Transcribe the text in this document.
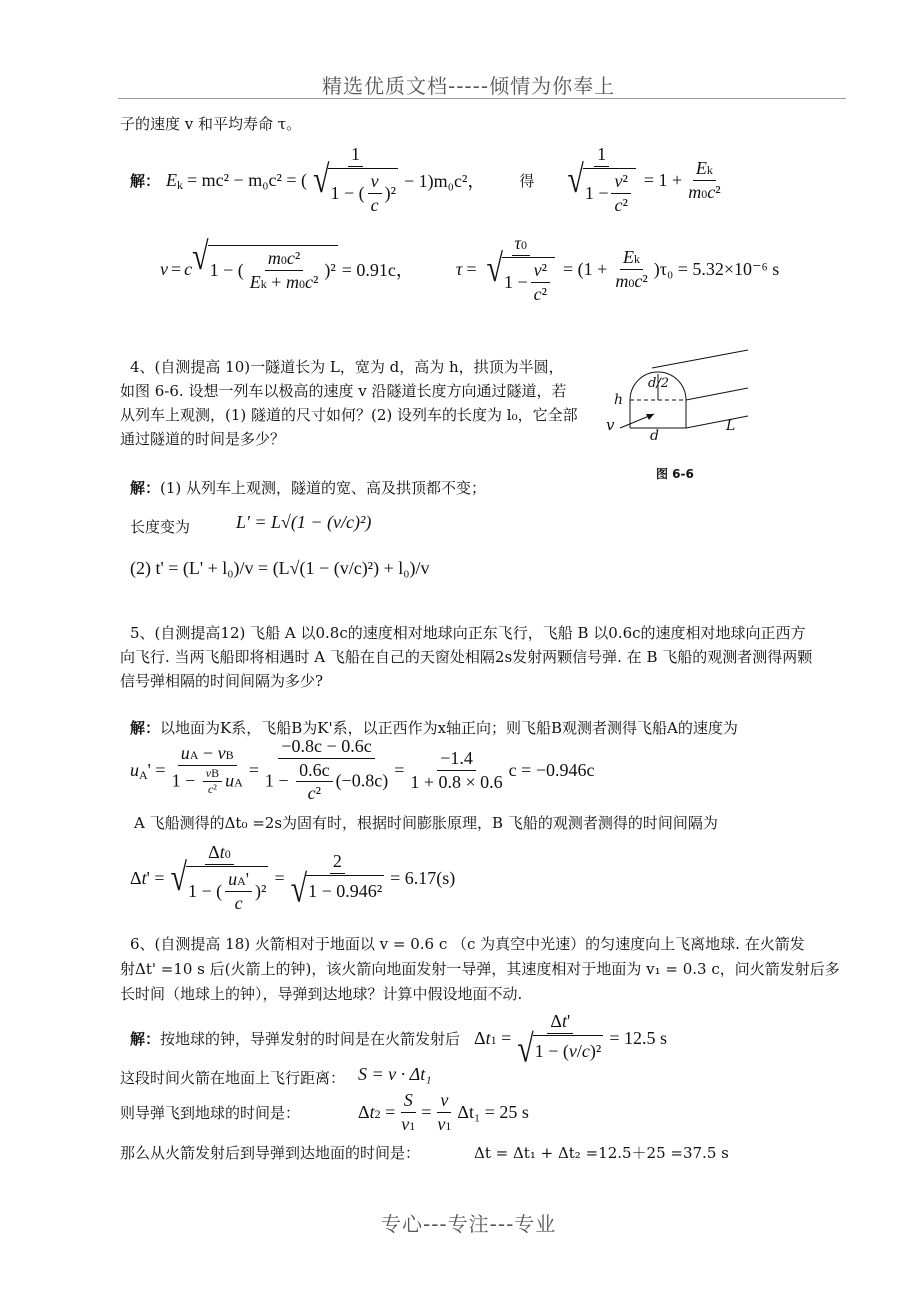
精选优质文档-----倾情为你奉上
子的速度 v 和平均寿命 τ。
解： E k = mc² − m₀c² = ( $\frac{1}{√ 1 - ( \frac{v}{c} )^2} - 1)m_0c^2$， 得 $\frac{1}{√ 1 - \frac{\text{v²}}{\text{c²}}} = 1 + \frac{Ek}{\text{m0c²}}$
v = c √ 1 − ( $\frac{\text{m0c²}}{\text{Ek + m0c²}} )^2 = 0.91c$， $\tau = \frac{\tau 0}{√ 1 - \frac{\text{v²}}{\text{c²}}} = (1 + \frac{Ek}{\text{m0c²}}$ ) τ₀ = 5.32×10⁻⁶ s
4、(自测提高 10)一隧道长为 L，宽为 d，高为 h，拱顶为半圆，
如图 6-6. 设想一列车以极高的速度 v 沿隧道长度方向通过隧道，若
从列车上观测，(1) 隧道的尺寸如何？(2) 设列车的长度为 l₀，它全部
通过隧道的时间是多少？
d/2
h
v
d
L
图 6-6
解：(1) 从列车上观测，隧道的宽、高及拱顶都不变；
长度变为	L' = L√(1 − (v/c)²)
(2) t' = (L' + l₀)/v = (L√(1 − (v/c)²) + l₀)/v
5、(自测提高12) 飞船 A 以0.8c的速度相对地球向正东飞行，飞船 B 以0.6c的速度相对地球向正西方
向飞行. 当两飞船即将相遇时 A 飞船在自己的天窗处相隔2s发射两颗信号弹. 在 B 飞船的观测者测得两颗
信号弹相隔的时间间隔为多少?
解：以地面为K系，飞船B为K'系，以正西作为x轴正向；则飞船B观测者测得飞船A的速度为
u A ' = $\frac{uA - vB}{1 - \frac{vB}{\text{c²}} uA} = \frac{-0.8c - 0.6c}{1 - \frac{0.6c}{\text{c²}} (-0.8c)} = \frac{-1.4}{1 + 0.8 \times 0.6}$ c = −0.946c
A 飞船测得的Δt₀ =2s为固有时，根据时间膨胀原理，B 飞船的观测者测得的时间间隔为
$\Delta t' = \frac{\Delta t0}{√ 1 - ( \frac{uA'}{c} )^2} = \frac{2}{\text{√ 1 − 0.946²}} = 6.17(s)$
6、(自测提高 18) 火箭相对于地面以 v = 0.6 c （c 为真空中光速）的匀速度向上飞离地球. 在火箭发
射Δt' =10 s 后(火箭上的钟)，该火箭向地面发射一导弹，其速度相对于地面为 v₁ = 0.3 c，问火箭发射后多
长时间（地球上的钟），导弹到达地球？计算中假设地面不动.
解： 按地球的钟，导弹发射的时间是在火箭发射后 $\Delta t1 = \frac{\Delta t'}{\text{√ 1 − ( v / c )²}} = 12.5$ s
这段时间火箭在地面上飞行距离： S = v · Δt₁
则导弹飞到地球的时间是：	$\Delta t2 = \frac{S}{v1} = \frac{v}{v1} \Delta t_1 = 25$ s
那么从火箭发射后到导弹到达地面的时间是：	Δt = Δt₁ + Δt₂ =12.5＋25 =37.5 s
专心---专注---专业
